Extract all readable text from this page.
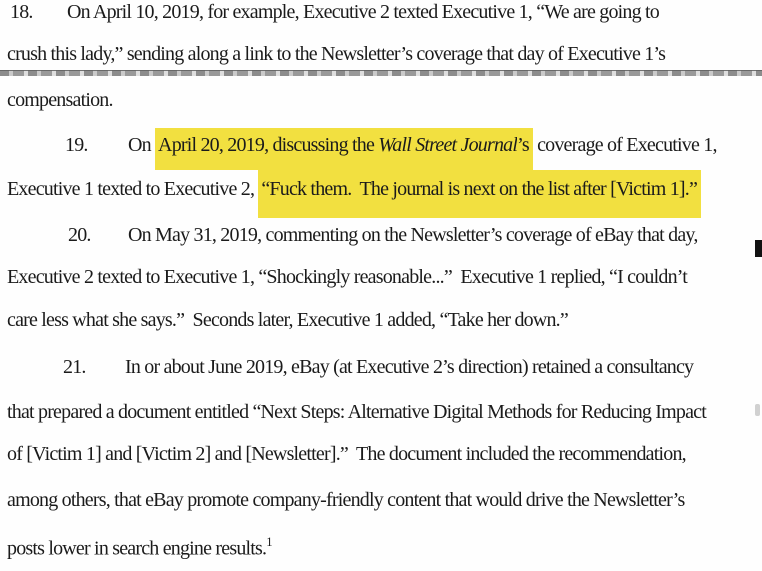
18. On April 10, 2019, for example, Executive 2 texted Executive 1, “We are going to
crush this lady,” sending along a link to the Newsletter’s coverage that day of Executive 1’s
compensation.
19. On April 20, 2019, discussing the Wall Street Journal’s coverage of Executive 1,
Executive 1 texted to Executive 2, “Fuck them.  The journal is next on the list after [Victim 1].”
20. On May 31, 2019, commenting on the Newsletter’s coverage of eBay that day,
Executive 2 texted to Executive 1, “Shockingly reasonable...”  Executive 1 replied, “I couldn’t
care less what she says.”  Seconds later, Executive 1 added, “Take her down.”
21. In or about June 2019, eBay (at Executive 2’s direction) retained a consultancy
that prepared a document entitled “Next Steps: Alternative Digital Methods for Reducing Impact
of [Victim 1] and [Victim 2] and [Newsletter].”  The document included the recommendation,
among others, that eBay promote company-friendly content that would drive the Newsletter’s
posts lower in search engine results.$^1$
